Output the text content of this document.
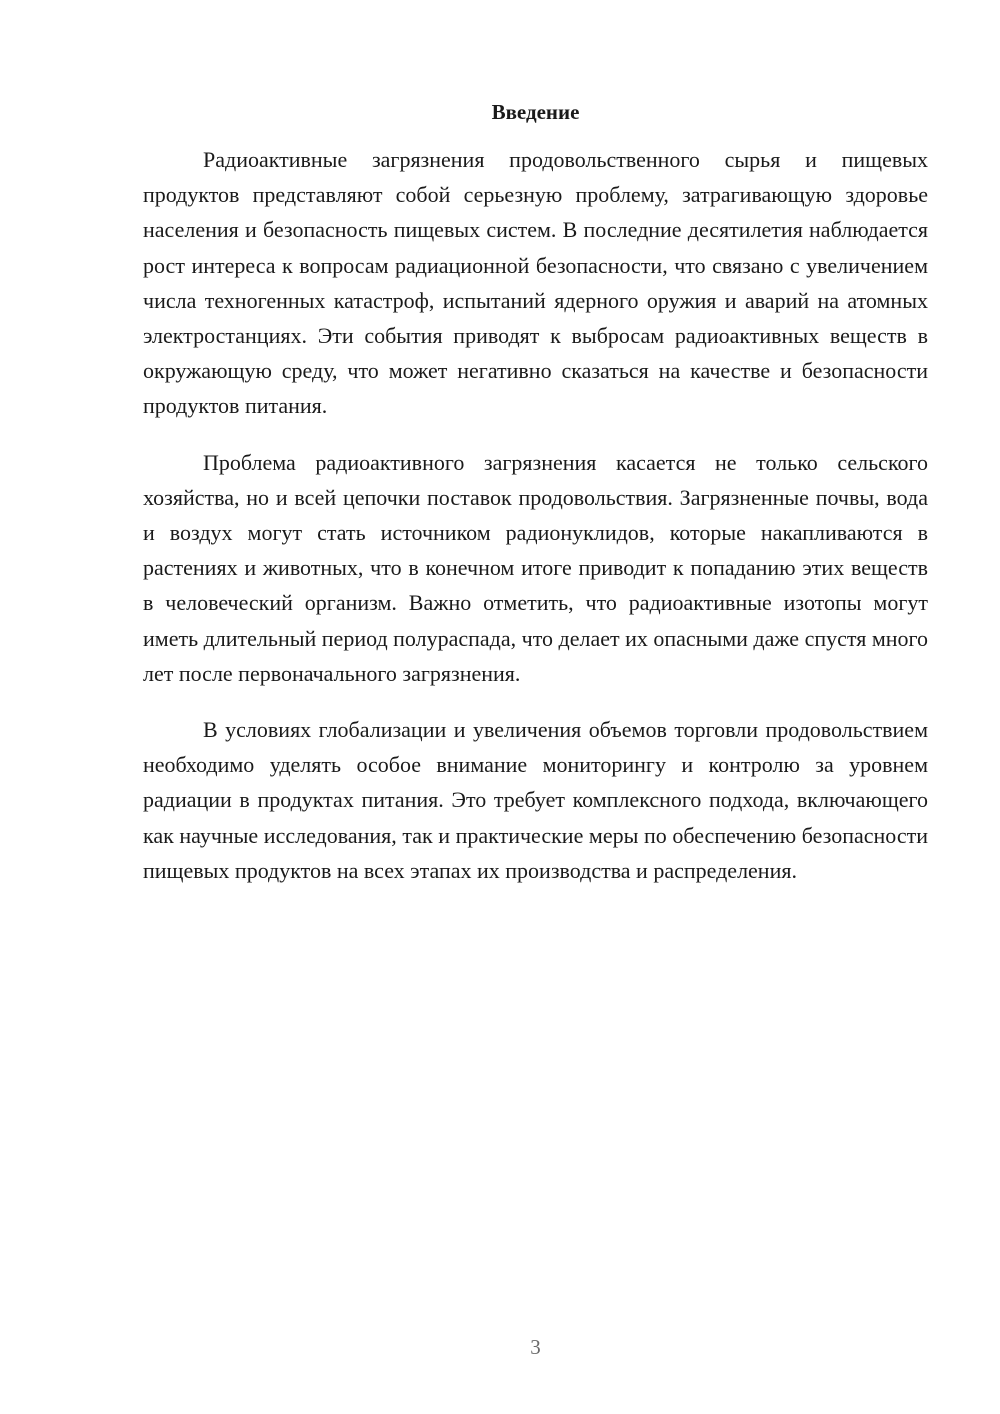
Введение

Радиоактивные загрязнения продовольственного сырья и пищевых продуктов представляют собой серьезную проблему, затрагивающую здоровье населения и безопасность пищевых систем. В последние десятилетия наблюдается рост интереса к вопросам радиационной безопасности, что связано с увеличением числа техногенных катастроф, испытаний ядерного оружия и аварий на атомных электростанциях. Эти события приводят к выбросам радиоактивных веществ в окружающую среду, что может негативно сказаться на качестве и безопасности продуктов питания.

Проблема радиоактивного загрязнения касается не только сельского хозяйства, но и всей цепочки поставок продовольствия. Загрязненные почвы, вода и воздух могут стать источником радионуклидов, которые накапливаются в растениях и животных, что в конечном итоге приводит к попаданию этих веществ в человеческий организм. Важно отметить, что радиоактивные изотопы могут иметь длительный период полураспада, что делает их опасными даже спустя много лет после первоначального загрязнения.

В условиях глобализации и увеличения объемов торговли продовольствием необходимо уделять особое внимание мониторингу и контролю за уровнем радиации в продуктах питания. Это требует комплексного подхода, включающего как научные исследования, так и практические меры по обеспечению безопасности пищевых продуктов на всех этапах их производства и распределения.

3
